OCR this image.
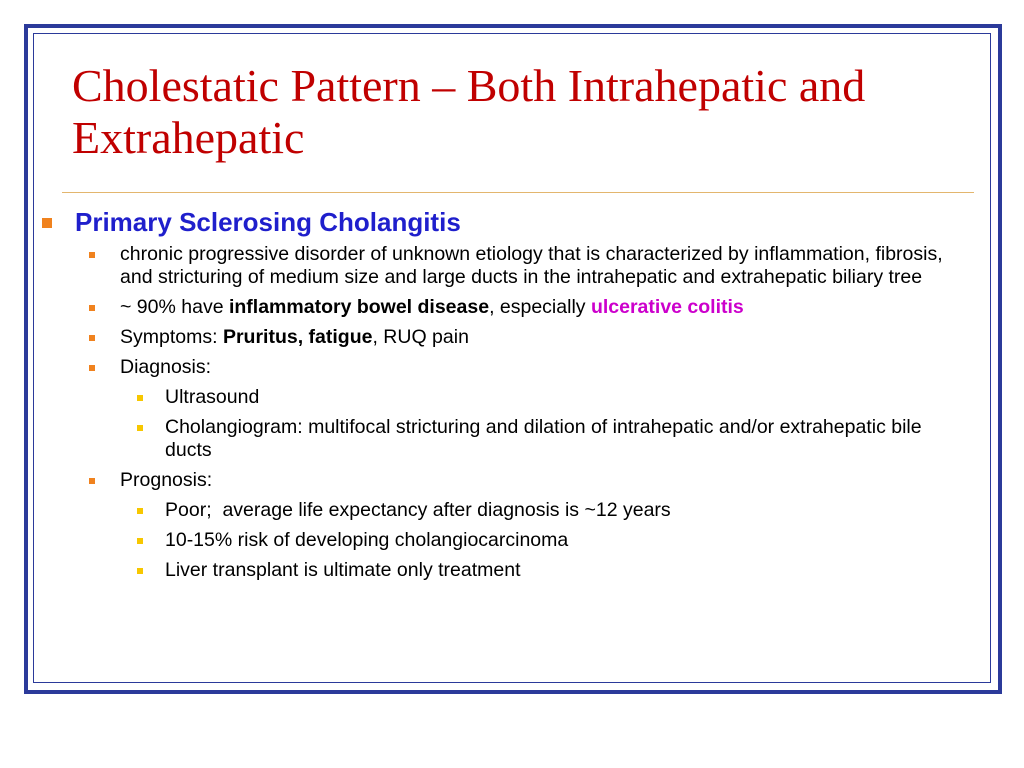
Cholestatic Pattern – Both Intrahepatic and Extrahepatic
Primary Sclerosing Cholangitis
chronic progressive disorder of unknown etiology that is characterized by inflammation, fibrosis, and stricturing of medium size and large ducts in the intrahepatic and extrahepatic biliary tree
~ 90% have inflammatory bowel disease, especially ulcerative colitis
Symptoms: Pruritus, fatigue, RUQ pain
Diagnosis:
Ultrasound
Cholangiogram: multifocal stricturing and dilation of intrahepatic and/or extrahepatic bile ducts
Prognosis:
Poor;  average life expectancy after diagnosis is ~12 years
10-15% risk of developing cholangiocarcinoma
Liver transplant is ultimate only treatment
